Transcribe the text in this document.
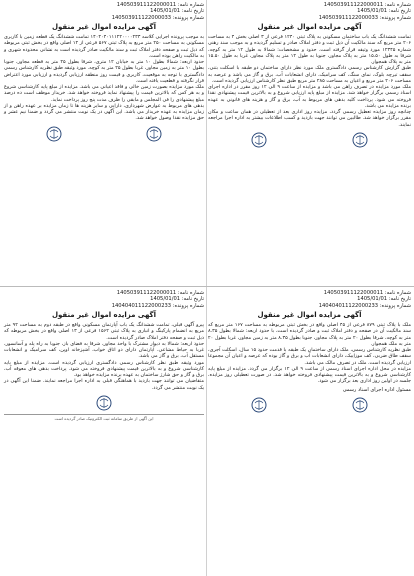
شماره نامه: 140503911122000011
تاریخ نامه: 1405/01/01
شماره پرونده: 140503911122000033
آگهی مزایده اموال غیر منقول

تمامت ششدانگ یک باب ساختمان مسکونی به پلاک ثبتی ۱۲۴۰ فرعی از ۳ اصلی بخش ۴ به مساحت ۲۰۶ متر مربع که سند مالکیت آن ذیل ثبت و دفتر املاک صادر و تسلیم گردیده و به موجب سند رهنی شماره ۱۲۳۴۵ مورد وثیقه قرار گرفته است. حدود و مشخصات: شمالا به طول ۱۲ متر به کوچه، شرقا به طول ۱۵.۵۰ متر به پلاک مجاور، جنوبا به طول ۱۲ متر به پلاک مجاور، غربا به طول ۱۵.۵۰ متر به پلاک همجوار.

طبق گزارش کارشناس رسمی دادگستری ملک مورد نظر دارای ساختمان دو طبقه با اسکلت بتنی، سقف تیرچه بلوک، نمای سنگ، کف سرامیک، دارای انشعابات آب، برق و گاز می باشد و عرصه به مساحت ۲۰۶ متر مربع و اعیان به مساحت ۲۸۵ متر مربع طبق نظر کارشناس ارزیابی گردیده است.

ملک مورد مزایده در تصرف راهن می باشد و مزایده از ساعت ۹ الی ۱۲ روز مقرر در اداره اجرای اسناد رسمی برگزار خواهد شد. مزایده از مبلغ پایه ارزیابی شروع و به بالاترین قیمت پیشنهادی نقدا فروخته می شود. پرداخت کلیه بدهی های مربوط به آب، برق و گاز و هزینه های قانونی به عهده برنده مزایده می باشد.

چنانچه روز مزایده تعطیل رسمی گردد، مزایده روز اداری بعد از تعطیلی در همان ساعت و مکان مقرر برگزار خواهد شد. طالبین می توانند جهت بازدید و کسب اطلاعات بیشتر به اداره اجرا مراجعه نمایند.

شماره نامه: 140503911122000011
تاریخ نامه: 1405/01/01
شماره پرونده: 140503911122000033
آگهی مزایده اموال غیر منقول

به موجب پرونده اجرایی کلاسه ۱۴۰۴۰۴۰۱۱۱۲۲۰۰۰۰۲۳۳ تمامت ششدانگ یک قطعه زمین با کاربری مسکونی به مساحت ۲۵۰ متر مربع به پلاک ثبتی ۵۶۷ فرعی از ۱۲ اصلی واقع در بخش ثبتی مربوطه که ذیل ثبت و صفحه دفتر املاک ثبت و سند مالکیت صادر گردیده است به نشانی محدوده شهری و به مالکیت راهن بوده است.

حدود اربعه: شمالا بطول ۱۰ متر به خیابان ۱۲ متری، شرقا بطول ۲۵ متر به قطعه مجاور، جنوبا بطول ۱۰ متر به زمین مجاور، غربا بطول ۲۵ متر به کوچه. مورد وثیقه طبق نظریه کارشناس رسمی دادگستری با توجه به موقعیت، کاربری و قیمت روز منطقه ارزیابی گردیده و ارزیابی مورد اعتراض قرار نگرفته و قطعیت یافته است.

ملک مورد مزایده بصورت زمین خالی و فاقد اعیانی می باشد. مزایده از مبلغ پایه کارشناسی شروع و به هر کس که بالاترین قیمت را پیشنهاد نماید فروخته خواهد شد. خریدار موظف است ده درصد مبلغ پیشنهادی را فی المجلس و مابقی را ظرف مدت پنج روز پرداخت نماید.

بدهی های مربوط به عوارض شهرداری، دارایی و سایر هزینه ها تا زمان مزایده بر عهده راهن و از زمان مزایده به عهده خریدار می باشد. این آگهی در یک نوبت منتشر می گردد و ضمنا نیم عشر و حق مزایده نقدا وصول خواهد شد.

شماره نامه: 140503911122000011
تاریخ نامه: 1405/01/01
شماره پرونده: 140404011122000233
آگهی مزایده اموال غیر منقول

ملک با پلاک ثبتی ۸۷۹ فرعی از ۴۵ اصلی واقع در بخش ثبتی مربوطه به مساحت ۱۶۷ متر مربع که سند مالکیت آن در صفحه و دفتر املاک ثبت و صادر گردیده است، با حدود اربعه: شمالا بطول ۸.۳۵ متر به کوچه، شرقا بطول ۲۰ متر به پلاک مجاور، جنوبا بطول ۸.۳۵ متر به زمین مجاور، غربا بطول ۲۰ متر به ملک همجوار.

طبق نظریه کارشناس رسمی، ملک دارای ساختمان یک طبقه با قدمت حدود ۱۵ سال، اسکلت آجری، سقف طاق ضربی، کف موزاییک، دارای انشعابات آب و برق و گاز بوده که عرصه و اعیان آن مجموعا ارزیابی گردیده است. ملک در تصرف مالک می باشد.

مزایده در محل اداره اجرای اسناد رسمی از ساعت ۹ الی ۱۲ برگزار می گردد. مزایده از مبلغ پایه کارشناسی شروع و به بالاترین قیمت پیشنهادی فروخته خواهد شد. در صورت تعطیلی روز مزایده، جلسه در اولین روز اداری بعد برگزار می شود.

مسئول اداره اجرای اسناد رسمی
شماره نامه: 140503911122000011
تاریخ نامه: 1405/01/01
شماره پرونده: 140404011122000233
آگهی مزایده اموال غیر منقول

پیرو آگهی قبلی، تمامت ششدانگ یک باب آپارتمان مسکونی واقع در طبقه دوم به مساحت ۹۲ متر مربع به انضمام پارکینگ و انباری به پلاک ثبتی ۱۵۶۲ فرعی از ۱۳ اصلی واقع در بخش مربوطه که ذیل ثبت و صفحه دفتر املاک صادر گردیده است.

حدود اربعه: شمالا به دیوار مشترک با واحد مجاور، شرقا به فضای باز، جنوبا به راه پله و آسانسور، غربا به حیاط مشاعی. آپارتمان دارای دو اتاق خواب، آشپزخانه اوپن، کف سرامیک و انشعابات مستقل آب، برق و گاز می باشد.

مورد وثیقه طبق نظر کارشناس رسمی دادگستری ارزیابی گردیده است. مزایده از مبلغ پایه کارشناسی شروع و به بالاترین قیمت پیشنهادی فروخته می شود. پرداخت بدهی های معوقه آب، برق و گاز و حق شارژ ساختمان به عهده برنده مزایده خواهد بود.

متقاضیان می توانند جهت بازدید با هماهنگی قبلی به اداره اجرا مراجعه نمایند. ضمنا این آگهی در یک نوبت منتشر می گردد.

این آگهی از طریق سامانه ثبت الکترونیک صادر گردیده است
